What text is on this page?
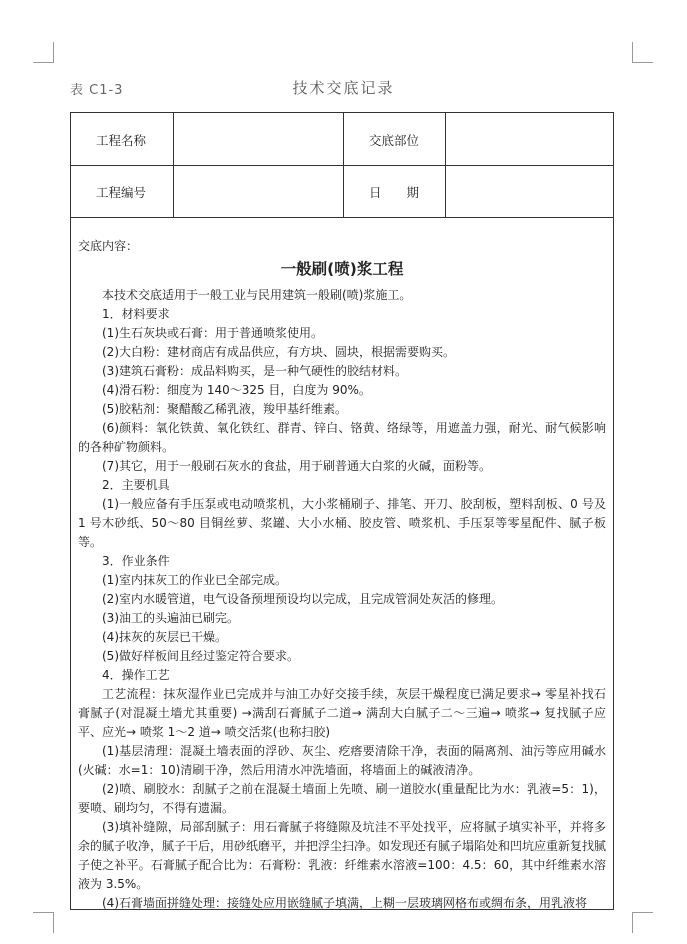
表 C1-3	技术交底记录
工程名称	交底部位
工程编号	日　　期

交底内容：

一般刷(喷)浆工程

本技术交底适用于一般工业与民用建筑一般刷(喷)浆施工。

1．材料要求

(1)生石灰块或石膏：用于普通喷浆使用。

(2)大白粉：建材商店有成品供应，有方块、圆块，根据需要购买。

(3)建筑石膏粉：成品料购买，是一种气硬性的胶结材料。

(4)滑石粉：细度为 140～325 目，白度为 90%。

(5)胶粘剂：聚醋酸乙稀乳液，羧甲基纤维素。

(6)颜料：氧化铁黄、氧化铁红、群青、锌白、铬黄、络绿等，用遮盖力强，耐光、耐气候影响的各种矿物颜料。

(7)其它，用于一般刷石灰水的食盐，用于刷普通大白浆的火碱，面粉等。

2．主要机具

(1)一般应备有手压泵或电动喷浆机，大小浆桶刷子、排笔、开刀、胶刮板，塑料刮板、0 号及 1 号木砂纸、50～80 目铜丝萝、浆罐、大小水桶、胶皮管、喷浆机、手压泵等零星配件、腻子板等。

3．作业条件

(1)室内抹灰工的作业已全部完成。

(2)室内水暖管道，电气设备预埋预设均以完成，且完成管洞处灰活的修理。

(3)油工的头遍油已刷完。

(4)抹灰的灰层已干燥。

(5)做好样板间且经过鉴定符合要求。

4．操作工艺

工艺流程：抹灰湿作业已完成并与油工办好交接手续，灰层干燥程度已满足要求→ 零星补找石膏腻子(对混凝土墙尤其重要) →满刮石膏腻子二道→ 满刮大白腻子二～三遍→ 喷浆→ 复找腻子应平、应光→ 喷浆 1～2 道→ 喷交活浆(也称扫胶)

(1)基层清理：混凝土墙表面的浮砂、灰尘、疙瘩要清除干净，表面的隔离剂、油污等应用碱水(火碱：水=1：10)清刷干净，然后用清水冲洗墙面，将墙面上的碱液清净。

(2)喷、刷胶水：刮腻子之前在混凝土墙面上先喷、刷一道胶水(重量配比为水：乳液=5：1)，要喷、刷均匀，不得有遗漏。

(3)填补缝隙，局部刮腻子：用石膏腻子将缝隙及坑洼不平处找平，应将腻子填实补平，并将多余的腻子收净，腻子干后，用砂纸磨平，并把浮尘扫净。如发现还有腻子塌陷处和凹坑应重新复找腻子使之补平。石膏腻子配合比为：石膏粉：乳液：纤维素水溶液=100：4.5：60，其中纤维素水溶液为 3.5%。

(4)石膏墙面拼缝处理：接缝处应用嵌缝腻子填满，上糊一层玻璃网格布或绸布条，用乳液将
